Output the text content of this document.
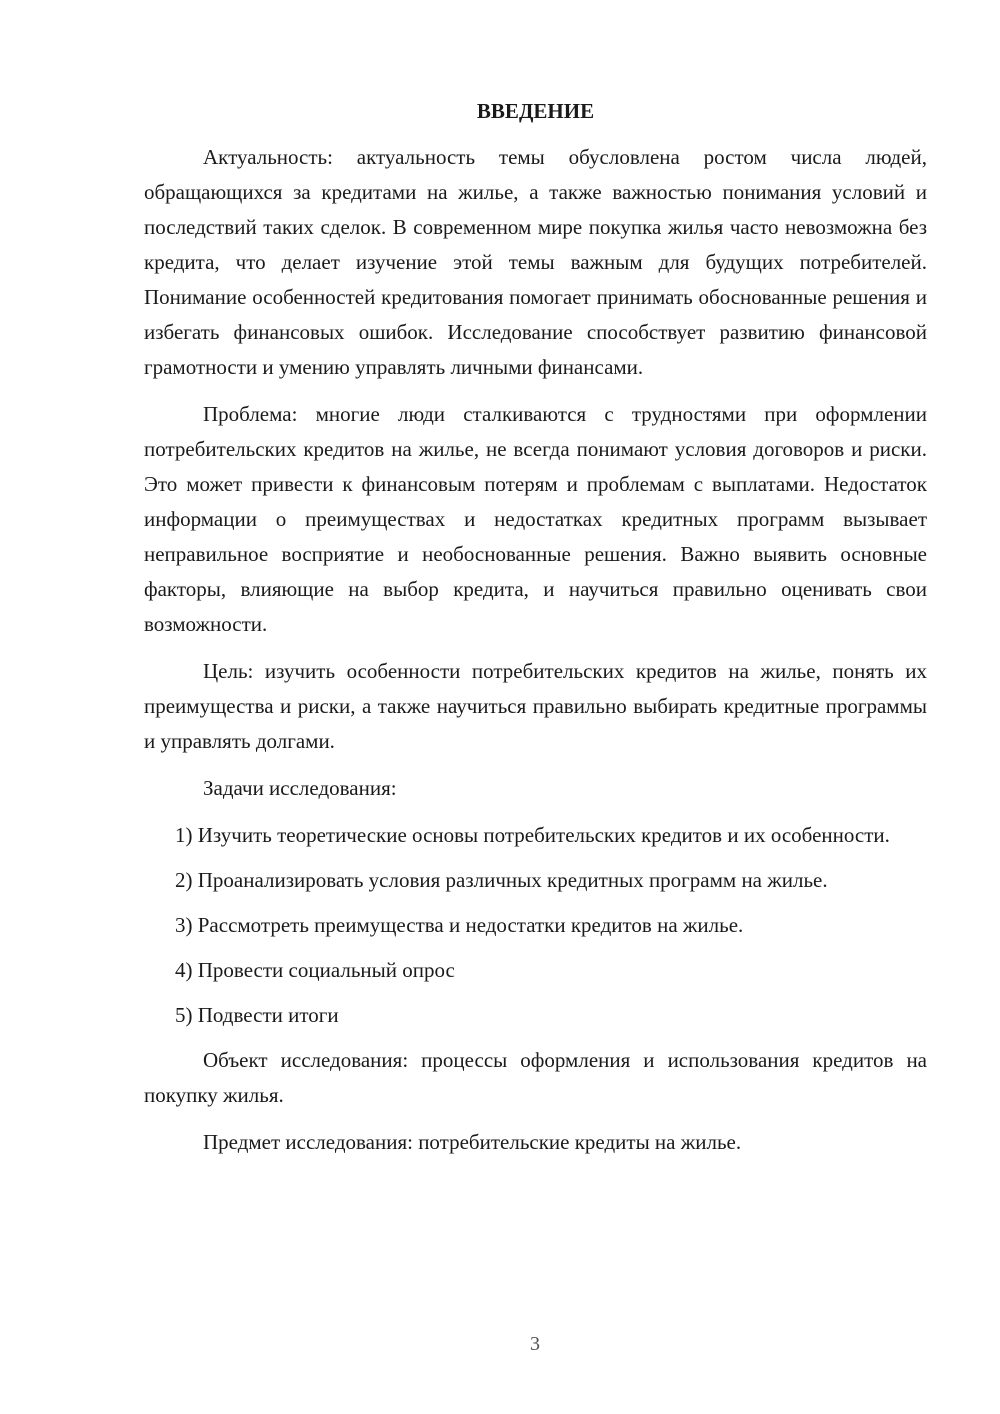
ВВЕДЕНИЕ

Актуальность: актуальность темы обусловлена ростом числа людей, обращающихся за кредитами на жилье, а также важностью понимания условий и последствий таких сделок. В современном мире покупка жилья часто невозможна без кредита, что делает изучение этой темы важным для будущих потребителей. Понимание особенностей кредитования помогает принимать обоснованные решения и избегать финансовых ошибок. Исследование способствует развитию финансовой грамотности и умению управлять личными финансами.

Проблема: многие люди сталкиваются с трудностями при оформлении потребительских кредитов на жилье, не всегда понимают условия договоров и риски. Это может привести к финансовым потерям и проблемам с выплатами. Недостаток информации о преимуществах и недостатках кредитных программ вызывает неправильное восприятие и необоснованные решения. Важно выявить основные факторы, влияющие на выбор кредита, и научиться правильно оценивать свои возможности.

Цель: изучить особенности потребительских кредитов на жилье, понять их преимущества и риски, а также научиться правильно выбирать кредитные программы и управлять долгами.

Задачи исследования:

1) Изучить теоретические основы потребительских кредитов и их особенности.

2) Проанализировать условия различных кредитных программ на жилье.

3) Рассмотреть преимущества и недостатки кредитов на жилье.

4) Провести социальный опрос

5) Подвести итоги

Объект исследования: процессы оформления и использования кредитов на покупку жилья.

Предмет исследования: потребительские кредиты на жилье.

3
